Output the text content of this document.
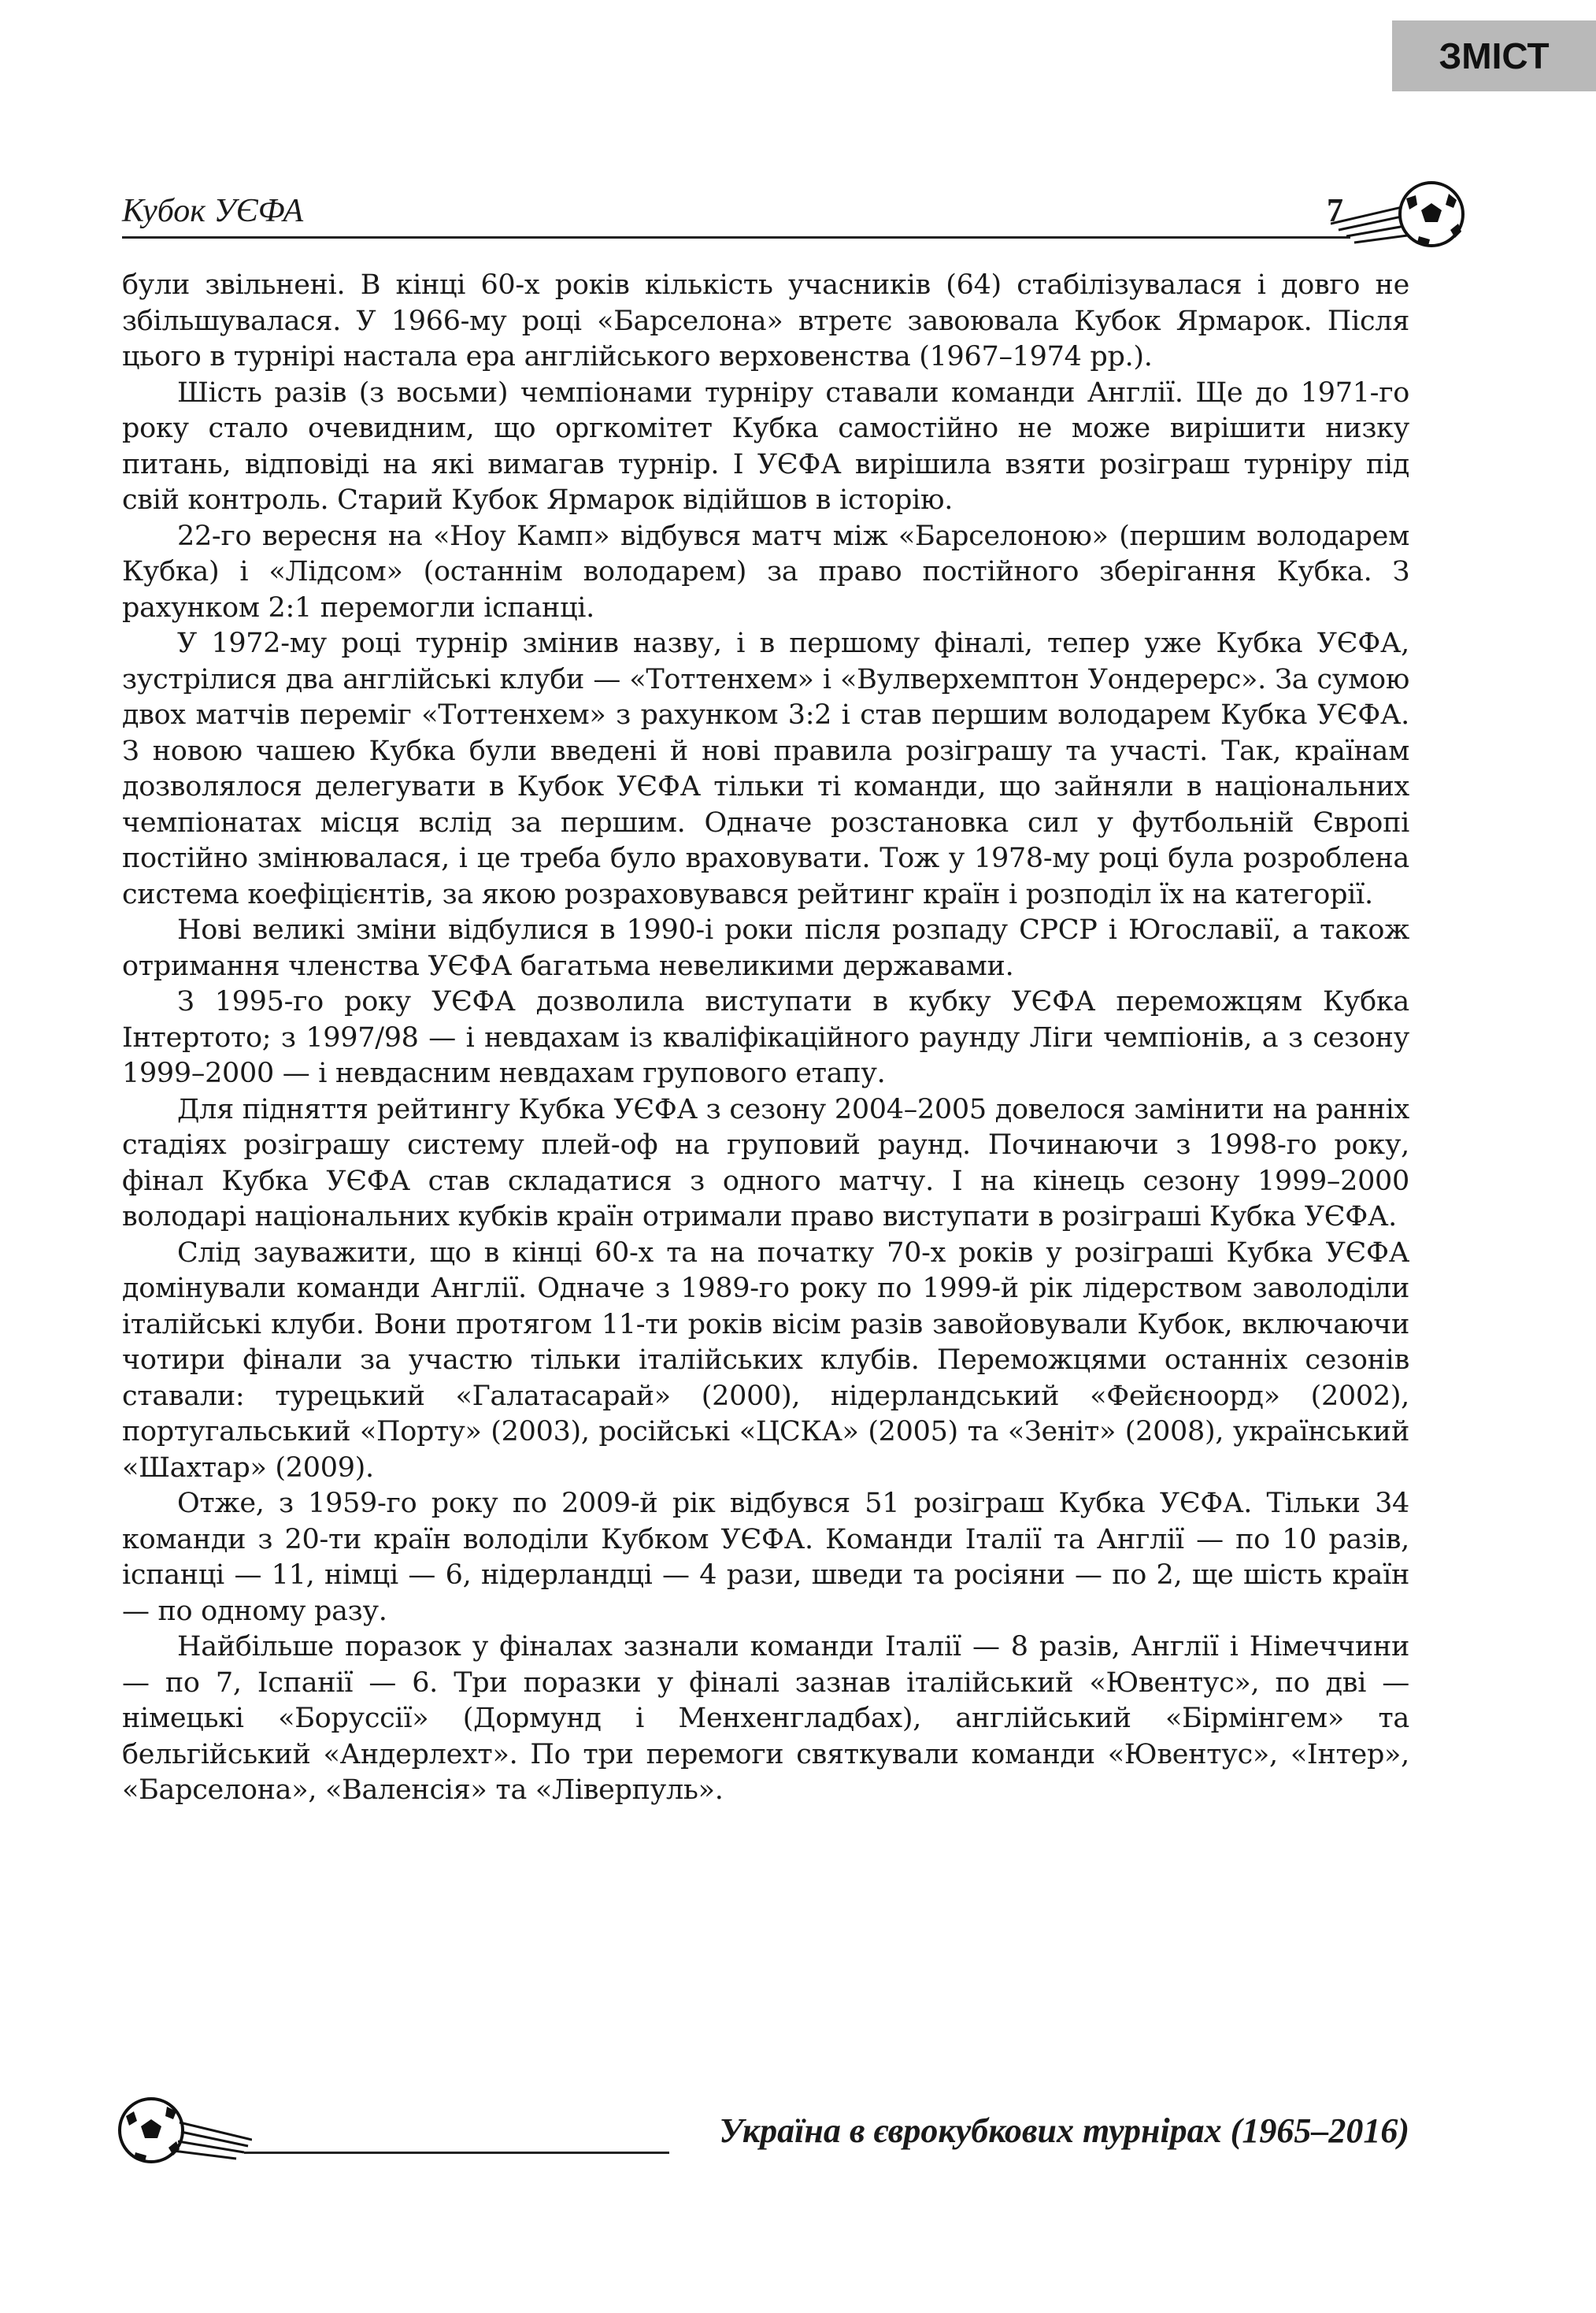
ЗМІСТ
Кубок УЄФА	7

були звільнені. В кінці 60-х років кількість учасників (64) стабілізувалася і довго не збільшувалася. У 1966-му році «Барселона» втретє завоювала Кубок Ярмарок. Після цього в турнірі настала ера англійського верховенства (1967–1974 рр.).

Шість разів (з восьми) чемпіонами турніру ставали команди Англії. Ще до 1971-го року стало очевидним, що оргкомітет Кубка самостійно не може вирішити низку питань, відповіді на які вимагав турнір. І УЄФА вирішила взяти розіграш турніру під свій контроль. Старий Кубок Ярмарок відійшов в історію.

22-го вересня на «Ноу Камп» відбувся матч між «Барселоною» (першим володарем Кубка) і «Лідсом» (останнім володарем) за право постійного зберігання Кубка. З рахунком 2:1 перемогли іспанці.

У 1972-му році турнір змінив назву, і в першому фіналі, тепер уже Кубка УЄФА, зустрілися два англійські клуби — «Тоттенхем» і «Вулверхемптон Уондерерс». За сумою двох матчів переміг «Тоттенхем» з рахунком 3:2 і став першим володарем Кубка УЄФА. З новою чашею Кубка були введені й нові правила розіграшу та участі. Так, країнам дозволялося делегувати в Кубок УЄФА тільки ті команди, що зайняли в національних чемпіонатах місця вслід за першим. Одначе розстановка сил у футбольній Європі постійно змінювалася, і це треба було враховувати. Тож у 1978-му році була розроблена система коефіцієнтів, за якою розраховувався рейтинг країн і розподіл їх на категорії.

Нові великі зміни відбулися в 1990-і роки після розпаду СРСР і Югославії, а також отримання членства УЄФА багатьма невеликими державами.

З 1995-го року УЄФА дозволила виступати в кубку УЄФА переможцям Кубка Інтертото; з 1997/98 — і невдахам із кваліфікаційного раунду Ліги чемпіонів, а з сезону 1999–2000 — і невдасним невдахам групового етапу.

Для підняття рейтингу Кубка УЄФА з сезону 2004–2005 довелося замінити на ранніх стадіях розіграшу систему плей-оф на груповий раунд. Починаючи з 1998-го року, фінал Кубка УЄФА став складатися з одного матчу. І на кінець сезону 1999–2000 володарі національних кубків країн отримали право виступати в розіграші Кубка УЄФА.

Слід зауважити, що в кінці 60-х та на початку 70-х років у розіграші Кубка УЄФА домінували команди Англії. Одначе з 1989-го року по 1999-й рік лідерством заволоділи італійські клуби. Вони протягом 11-ти років вісім разів завойовували Кубок, включаючи чотири фінали за участю тільки італійських клубів. Переможцями останніх сезонів ставали: турецький «Галатасарай» (2000), нідерландський «Фейєноорд» (2002), португальський «Порту» (2003), російські «ЦСКА» (2005) та «Зеніт» (2008), український «Шахтар» (2009).

Отже, з 1959-го року по 2009-й рік відбувся 51 розіграш Кубка УЄФА. Тільки 34 команди з 20-ти країн володіли Кубком УЄФА. Команди Італії та Англії — по 10 разів, іспанці — 11, німці — 6, нідерландці — 4 рази, шведи та росіяни — по 2, ще шість країн — по одному разу.

Найбільше поразок у фіналах зазнали команди Італії — 8 разів, Англії і Німеччини — по 7, Іспанії — 6. Три поразки у фіналі зазнав італійський «Ювентус», по дві — німецькі «Боруссії» (Дормунд і Менхенгладбах), англійський «Бірмінгем» та бельгійський «Андерлехт». По три перемоги святкували команди «Ювентус», «Інтер», «Барселона», «Валенсія» та «Ліверпуль».

Україна в єврокубкових турнірах (1965–2016)
